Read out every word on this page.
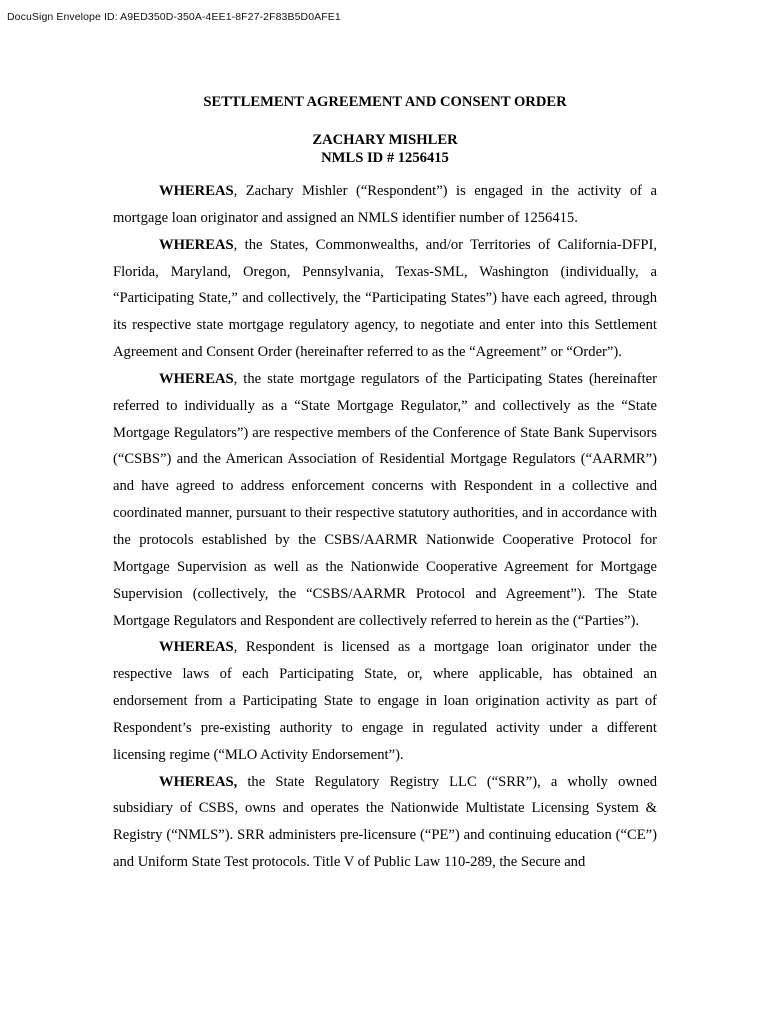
DocuSign Envelope ID: A9ED350D-350A-4EE1-8F27-2F83B5D0AFE1
SETTLEMENT AGREEMENT AND CONSENT ORDER
ZACHARY MISHLER
NMLS ID # 1256415

WHEREAS, Zachary Mishler (“Respondent”) is engaged in the activity of a mortgage loan originator and assigned an NMLS identifier number of 1256415.

WHEREAS, the States, Commonwealths, and/or Territories of California-DFPI, Florida, Maryland, Oregon, Pennsylvania, Texas-SML, Washington (individually, a “Participating State,” and collectively, the “Participating States”) have each agreed, through its respective state mortgage regulatory agency, to negotiate and enter into this Settlement Agreement and Consent Order (hereinafter referred to as the “Agreement” or “Order”).

WHEREAS, the state mortgage regulators of the Participating States (hereinafter referred to individually as a “State Mortgage Regulator,” and collectively as the “State Mortgage Regulators”) are respective members of the Conference of State Bank Supervisors (“CSBS”) and the American Association of Residential Mortgage Regulators (“AARMR”) and have agreed to address enforcement concerns with Respondent in a collective and coordinated manner, pursuant to their respective statutory authorities, and in accordance with the protocols established by the CSBS/AARMR Nationwide Cooperative Protocol for Mortgage Supervision as well as the Nationwide Cooperative Agreement for Mortgage Supervision (collectively, the “CSBS/AARMR Protocol and Agreement”). The State Mortgage Regulators and Respondent are collectively referred to herein as the (“Parties”).

WHEREAS, Respondent is licensed as a mortgage loan originator under the respective laws of each Participating State, or, where applicable, has obtained an endorsement from a Participating State to engage in loan origination activity as part of Respondent’s pre-existing authority to engage in regulated activity under a different licensing regime (“MLO Activity Endorsement”).

WHEREAS, the State Regulatory Registry LLC (“SRR”), a wholly owned subsidiary of CSBS, owns and operates the Nationwide Multistate Licensing System & Registry (“NMLS”). SRR administers pre-licensure (“PE”) and continuing education (“CE”) and Uniform State Test protocols. Title V of Public Law 110-289, the Secure and
